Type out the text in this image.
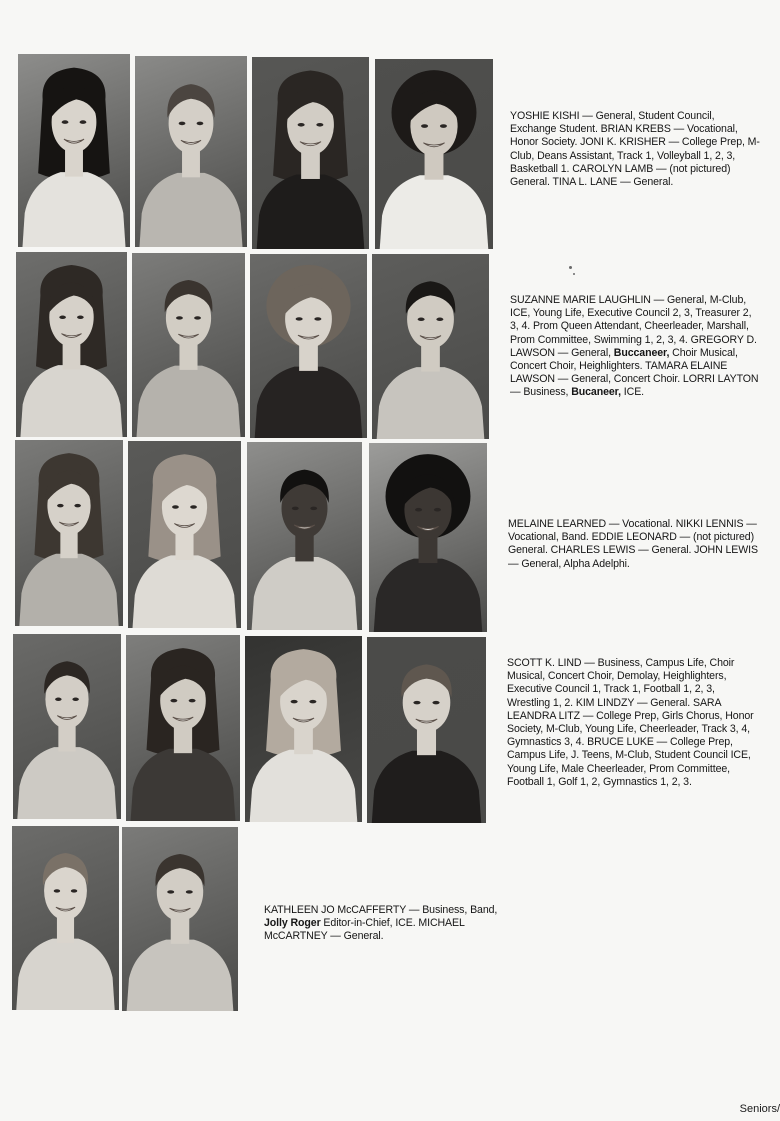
YOSHIE KISHI — General, Student Council, Exchange Student. BRIAN KREBS — Vocational, Honor Society. JONI K. KRISHER — College Prep, M-Club, Deans Assistant, Track 1, Volleyball 1, 2, 3, Basketball 1. CAROLYN LAMB — (not pictured) General. TINA L. LANE — General.

SUZANNE MARIE LAUGHLIN — General, M-Club, ICE, Young Life, Executive Council 2, 3, Treasurer 2, 3, 4. Prom Queen Attendant, Cheerleader, Marshall, Prom Committee, Swimming 1, 2, 3, 4. GREGORY D. LAWSON — General, Buccaneer, Choir Musical, Concert Choir, Heighlighters. TAMARA ELAINE LAWSON — General, Concert Choir. LORRI LAYTON — Business, Bucaneer, ICE.

MELAINE LEARNED — Vocational. NIKKI LENNIS — Vocational, Band. EDDIE LEONARD — (not pictured) General. CHARLES LEWIS — General. JOHN LEWIS — General, Alpha Adelphi.

SCOTT K. LIND — Business, Campus Life, Choir Musical, Concert Choir, Demolay, Heighlighters, Executive Council 1, Track 1, Football 1, 2, 3, Wrestling 1, 2. KIM LINDZY — General. SARA LEANDRA LITZ — College Prep, Girls Chorus, Honor Society, M-Club, Young Life, Cheerleader, Track 3, 4, Gymnastics 3, 4. BRUCE LUKE — College Prep, Campus Life, J. Teens, M-Club, Student Council ICE, Young Life, Male Cheerleader, Prom Committee, Football 1, Golf 1, 2, Gymnastics 1, 2, 3.

KATHLEEN JO McCAFFERTY — Business, Band, Jolly Roger Editor-in-Chief, ICE. MICHAEL McCARTNEY — General.

Seniors/
